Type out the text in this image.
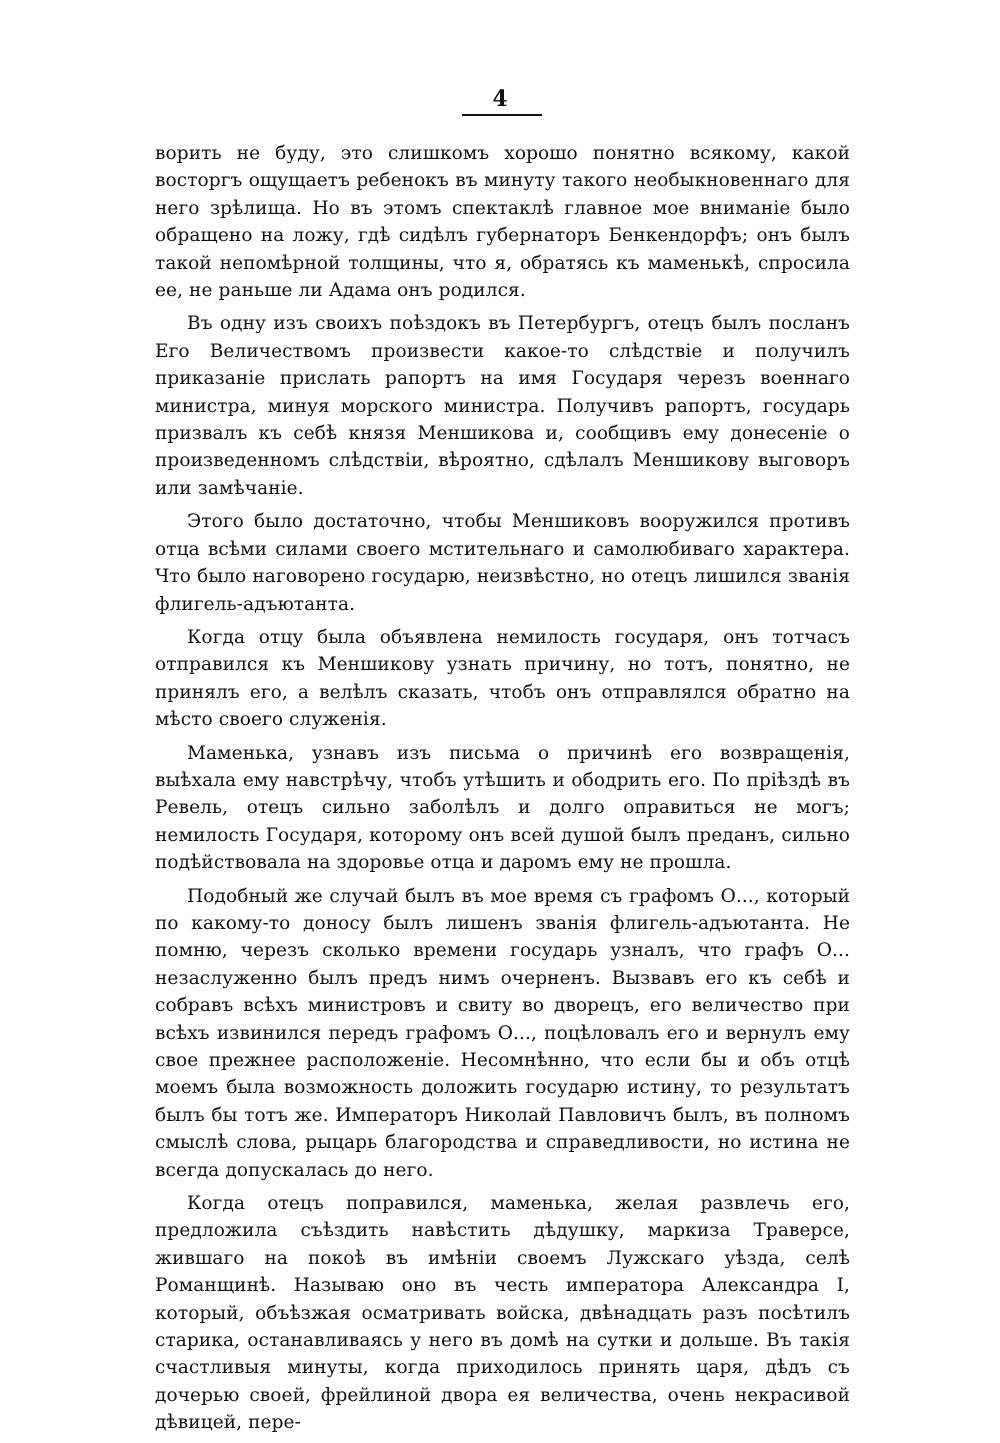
4

ворить не буду, это слишкомъ хорошо понятно всякому, какой восторгъ ощущаетъ ребенокъ въ минуту такого необыкновеннаго для него зрѣлища. Но въ этомъ спектаклѣ главное мое вниманіе было обращено на ложу, гдѣ сидѣлъ губернаторъ Бенкендорфъ; онъ былъ такой непомѣрной толщины, что я, обратясь къ маменькѣ, спросила ее, не раньше ли Адама онъ родился.

Въ одну изъ своихъ поѣздокъ въ Петербургъ, отецъ былъ посланъ Его Величествомъ произвести какое-то слѣдствіе и получилъ приказаніе прислать рапортъ на имя Государя черезъ военнаго министра, минуя морского министра. Получивъ рапортъ, государь призвалъ къ себѣ князя Меншикова и, сообщивъ ему донесеніе о произведенномъ слѣдствіи, вѣроятно, сдѣлалъ Меншикову выговоръ или замѣчаніе.

Этого было достаточно, чтобы Меншиковъ вооружился противъ отца всѣми силами своего мстительнаго и самолюбиваго характера. Что было наговорено государю, неизвѣстно, но отецъ лишился званія флигель-адъютанта.

Когда отцу была объявлена немилость государя, онъ тотчасъ отправился къ Меншикову узнать причину, но тотъ, понятно, не принялъ его, а велѣлъ сказать, чтобъ онъ отправлялся обратно на мѣсто своего служенія.

Маменька, узнавъ изъ письма о причинѣ его возвращенія, выѣхала ему навстрѣчу, чтобъ утѣшить и ободрить его. По пріѣздѣ въ Ревель, отецъ сильно заболѣлъ и долго оправиться не могъ; немилость Государя, которому онъ всей душой былъ преданъ, сильно подѣйствовала на здоровье отца и даромъ ему не прошла.

Подобный же случай былъ въ мое время съ графомъ О..., который по какому-то доносу былъ лишенъ званія флигель-адъютанта. Не помню, черезъ сколько времени государь узналъ, что графъ О... незаслуженно былъ предъ нимъ очерненъ. Вызвавъ его къ себѣ и собравъ всѣхъ министровъ и свиту во дворецъ, его величество при всѣхъ извинился передъ графомъ О..., поцѣловалъ его и вернулъ ему свое прежнее расположеніе. Несомнѣнно, что если бы и объ отцѣ моемъ была возможность доложить государю истину, то результатъ былъ бы тотъ же. Императоръ Николай Павловичъ былъ, въ полномъ смыслѣ слова, рыцарь благородства и справедливости, но истина не всегда допускалась до него.

Когда отецъ поправился, маменька, желая развлечь его, предложила съѣздить навѣстить дѣдушку, маркиза Траверсе, жившаго на покоѣ въ имѣніи своемъ Лужскаго уѣзда, селѣ Романщинѣ. Называю оно въ честь императора Александра I, который, объѣзжая осматривать войска, двѣнадцать разъ посѣтилъ старика, останавливаясь у него въ домѣ на сутки и дольше. Въ такія счастливыя минуты, когда приходилось принять царя, дѣдъ съ дочерью своей, фрейлиной двора ея величества, очень некрасивой дѣвицей, пере-
